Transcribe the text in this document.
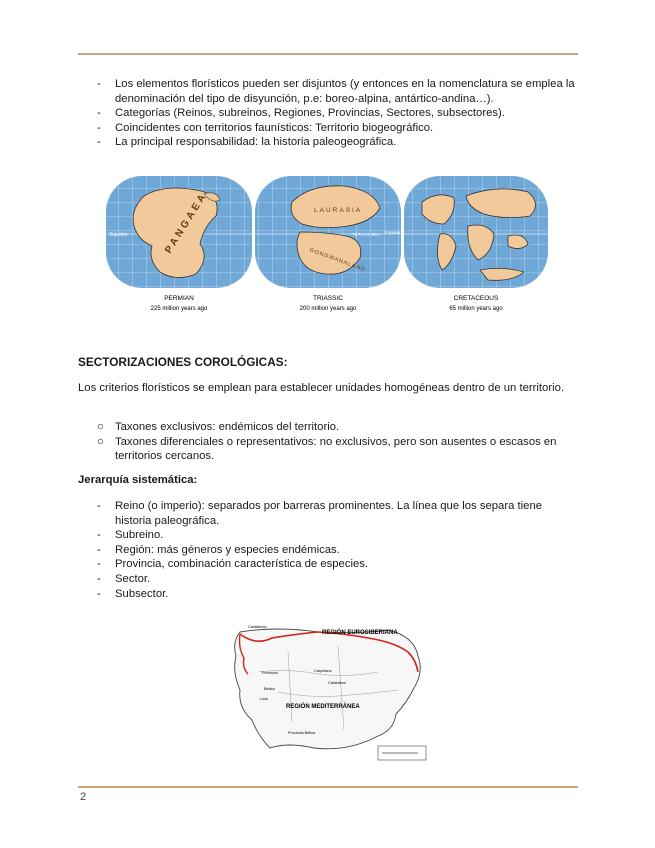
- Los elementos florísticos pueden ser disjuntos (y entonces en la nomenclatura se emplea la denominación del tipo de disyunción, p.e: boreo-alpina, antártico-andina…).
- Categorías (Reinos, subreinos, Regiones, Provincias, Sectores, subsectores).
- Coincidentes con territorios faunísticos: Territorio biogeográfico.
- La principal responsabilidad: la historia paleogeográfica.
Equator	PANGAEA	LAURASIA
TETHYS SEA
GONDWANALAND
Equator
PERMIAN
225 million years ago
TRIASSIC
200 million years ago
CRETACEOUS
65 million years ago
SECTORIZACIONES COROLÓGICAS:
Los criterios florísticos se emplean para establecer unidades homogéneas dentro de un territorio.
○ Taxones exclusivos: endémicos del territorio.
○ Taxones diferenciales o representativos: no exclusivos, pero son ausentes o escasos en territorios cercanos.
Jerarquía sistemática:
- Reino (o imperio): separados por barreras prominentes. La línea que los separa tiene historia paleográfica.
- Subreino.
- Región: más géneros y especies endémicas.
- Provincia, combinación característica de especies.
- Sector.
- Subsector.
REGIÓN EUROSIBERIANA
REGIÓN MEDITERRÁNEA
Provincia	Carpetano
Castellano
Bética
Luso
Cantábrica
Provincia Bética
2
